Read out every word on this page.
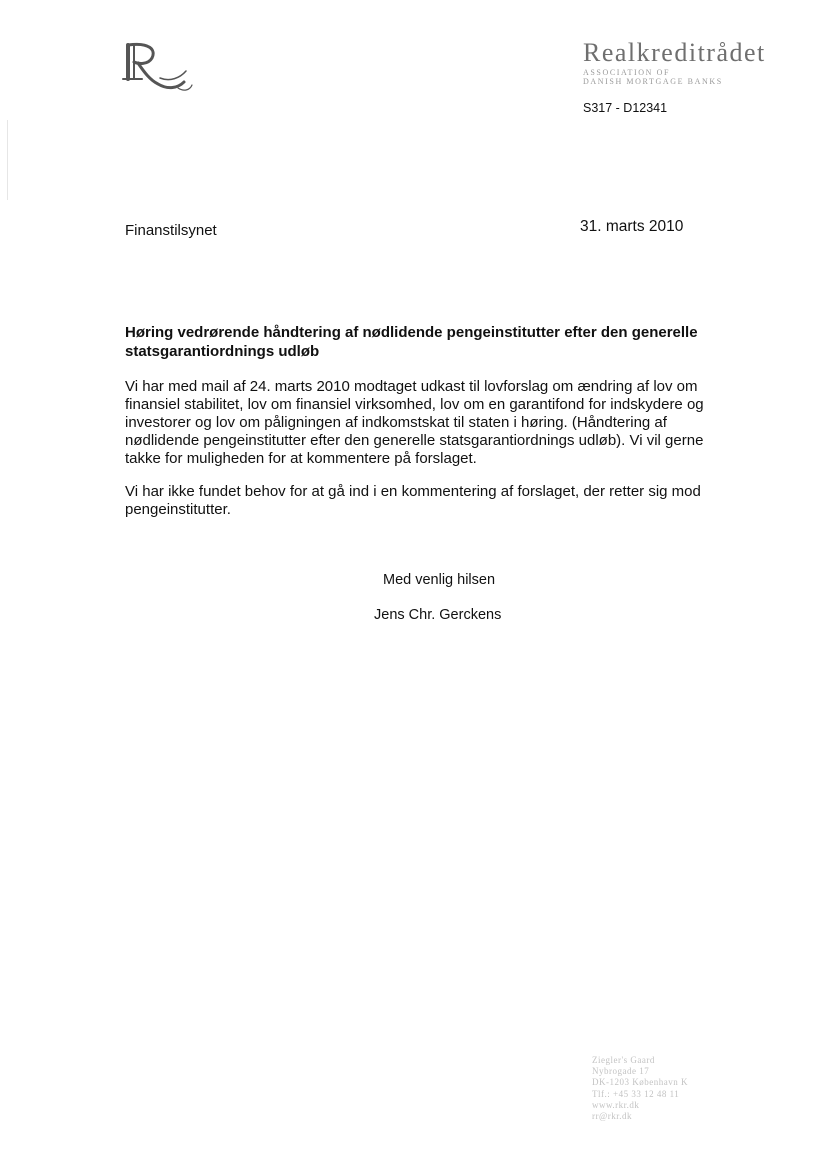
Realkreditrådet
ASSOCIATION OF
DANISH MORTGAGE BANKS
S317 - D12341
Finanstilsynet	31. marts 2010
Høring vedrørende håndtering af nødlidende pengeinstitutter efter den generelle statsgarantiordnings udløb

Vi har med mail af 24. marts 2010 modtaget udkast til lovforslag om ændring af lov om finansiel stabilitet, lov om finansiel virksomhed, lov om en garantifond for indskydere og investorer og lov om påligningen af indkomstskat til staten i høring. (Håndtering af nødlidende pengeinstitutter efter den generelle statsgarantiordnings udløb). Vi vil gerne takke for muligheden for at kommentere på forslaget.

Vi har ikke fundet behov for at gå ind i en kommentering af forslaget, der retter sig mod pengeinstitutter.

Med venlig hilsen
Jens Chr. Gerckens
Ziegler's Gaard
Nybrogade 17
DK-1203 København K
Tlf.: +45 33 12 48 11
www.rkr.dk
rr@rkr.dk
